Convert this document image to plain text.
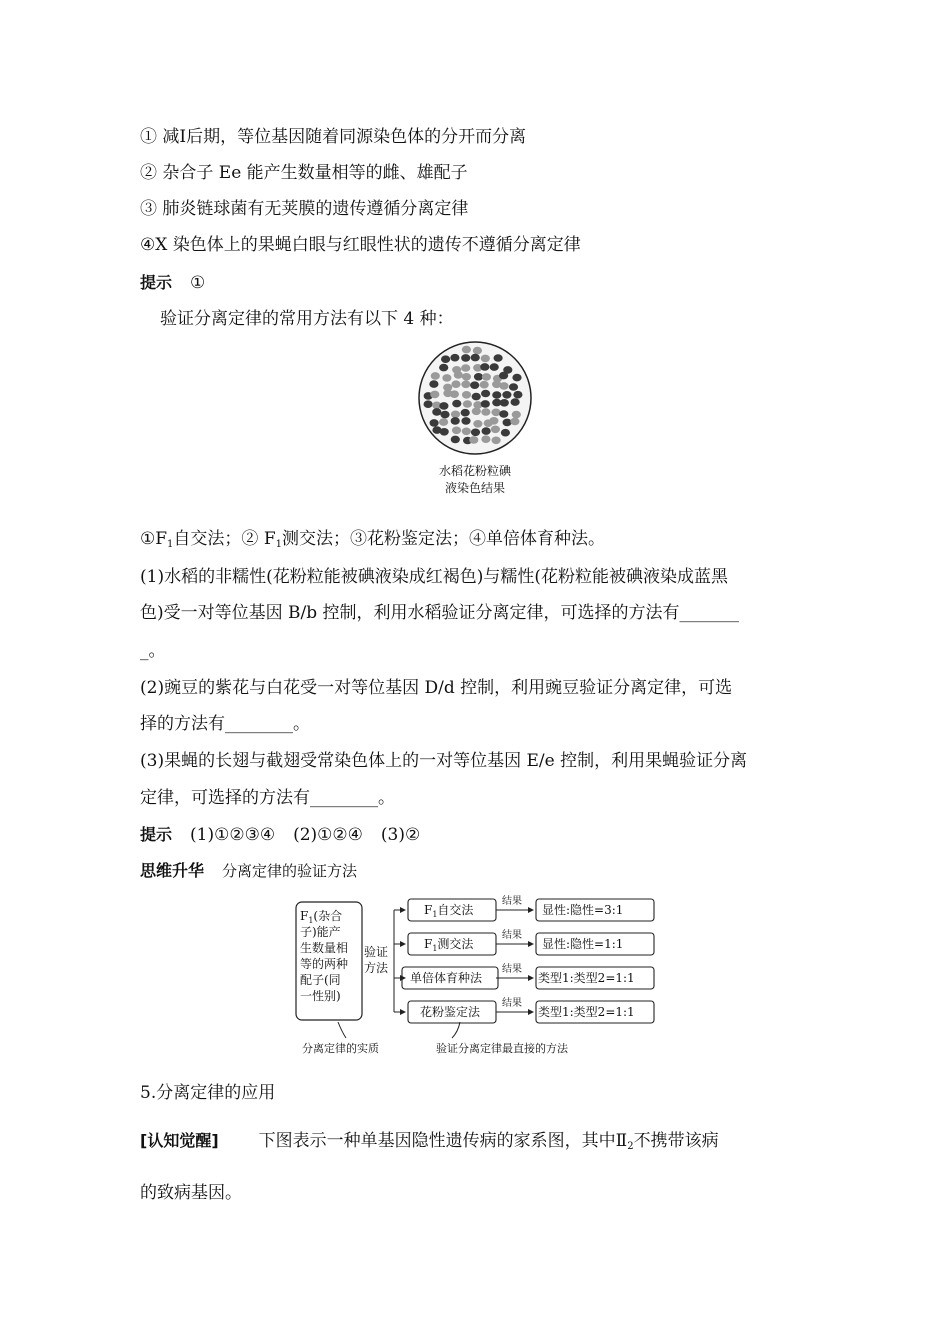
① 减Ⅰ后期，等位基因随着同源染色体的分开而分离
② 杂合子 Ee 能产生数量相等的雌、雄配子
③ 肺炎链球菌有无荚膜的遗传遵循分离定律
④X 染色体上的果蝇白眼与红眼性状的遗传不遵循分离定律
提示 ①
验证分离定律的常用方法有以下 4 种：
水稻花粉粒碘
液染色结果
$①F_1$自交法；② $F_1$测交法；③花粉鉴定法；④单倍体育种法。
(1)水稻的非糯性(花粉粒能被碘液染成红褐色)与糯性(花粉粒能被碘液染成蓝黑
色)受一对等位基因 B/b 控制，利用水稻验证分离定律，可选择的方法有_______
_。
(2)豌豆的紫花与白花受一对等位基因 D/d 控制，利用豌豆验证分离定律，可选
择的方法有________。
(3)果蝇的长翅与截翅受常染色体上的一对等位基因 E/e 控制，利用果蝇验证分离
定律，可选择的方法有________。
提示 (1)①②③④ (2)①②④ (3)②
思维升华 分离定律的验证方法
$F_1$(杂合
子)能产
生数量相
等的两种
配子(同
一性别)
验证
方法
$F_1$自交法
$F_1$测交法
单倍体育种法
花粉鉴定法
结果
结果
结果
结果
显性:隐性=3:1
显性:隐性=1:1
类型1:类型2=1:1
类型1:类型2=1:1
分离定律的实质	验证分离定律最直接的方法
5.分离定律的应用
[认知觉醒] 下图表示一种单基因隐性遗传病的家系图，其中$Ⅱ_2$不携带该病
的致病基因。
